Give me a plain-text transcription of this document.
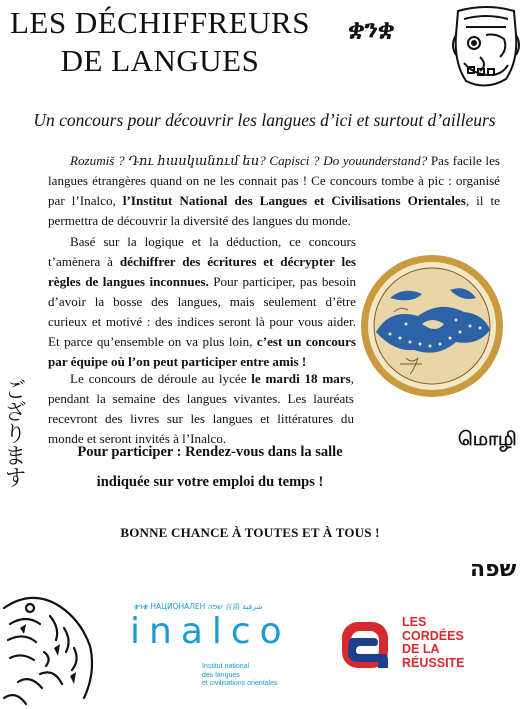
LES DÉCHIFFREURS
DE LANGUES
ቋንቋ
Un concours pour découvrir les langues d’ici et surtout d’ailleurs
Rozumiš ? Դու հասկանում ես? Capisci ? Do youunderstand? Pas facile les langues étrangères quand on ne les connait pas ! Ce concours tombe à pic : organisé par l’Inalco, l’Institut National des Langues et Civilisations Orientales, il te permettra de découvrir la diversité des langues du monde.
Basé sur la logique et la déduction, ce concours t’amènera à déchiffrer des écritures et décrypter les règles de langues inconnues. Pour participer, pas besoin d’avoir la bosse des langues, mais seulement d’être curieux et motivé : des indices seront là pour vous aider. Et parce qu’ensemble on va plus loin, c’est un concours par équipe où l’on peut participer entre amis !
Le concours de déroule au lycée le mardi 18 mars, pendant la semaine des langues vivantes. Les lauréats recevront des livres sur les langues et littératures du monde et seront invités à l’Inalco.
Pour participer : Rendez-vous dans la salle
indiquée sur votre emploi du temps !
மொழி
BONNE CHANCE À TOUTES ET À TOUS !
שפה
ござります
ቋንቋ НАЦИОНАЛЕН שפה 言語 شرقية
inalco
Institut national
des langues
et civilisations orientales
LES
CORDÉES
DE LA
RÉUSSITE
